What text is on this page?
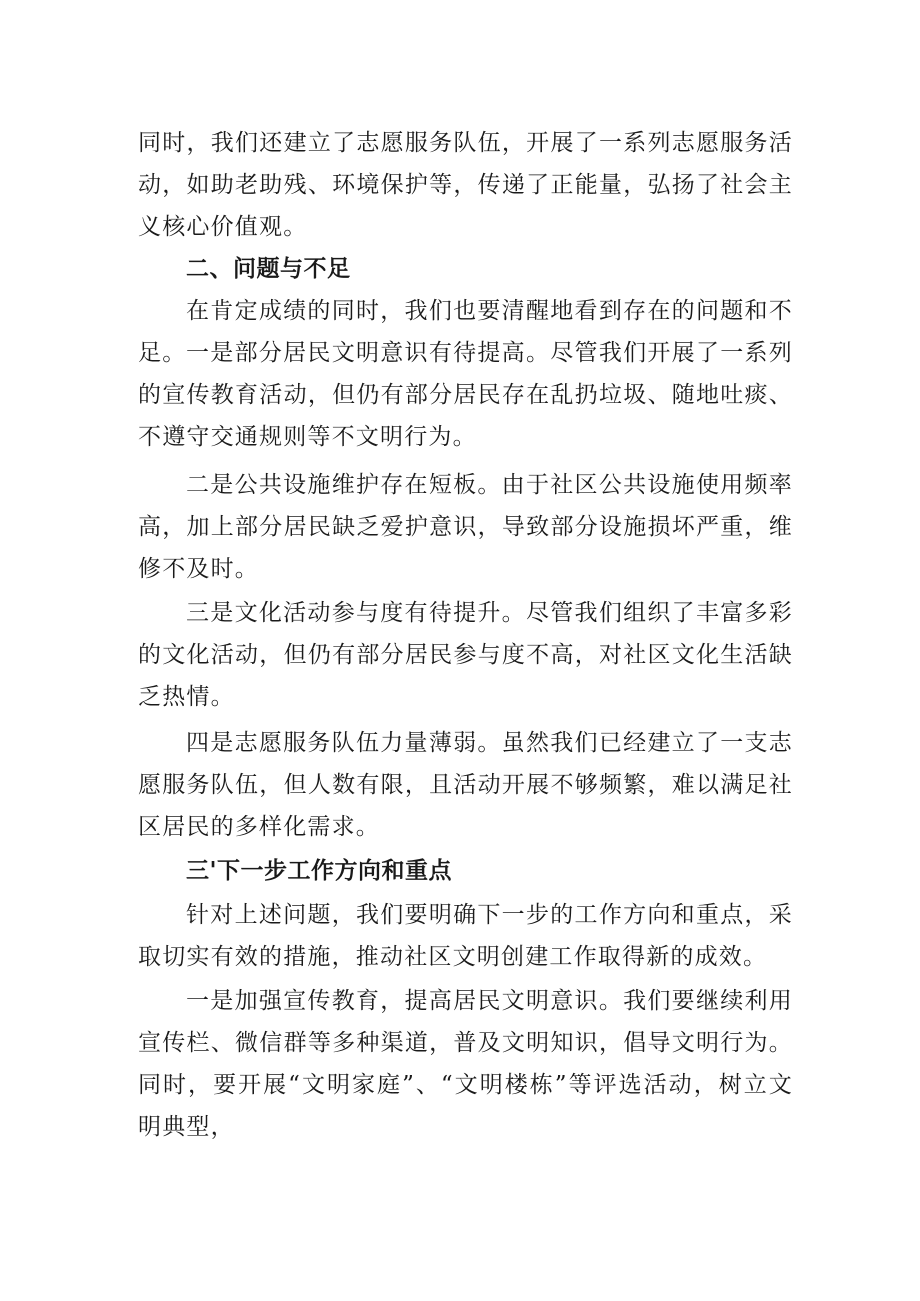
同时，我们还建立了志愿服务队伍，开展了一系列志愿服务活动，如助老助残、环境保护等，传递了正能量，弘扬了社会主义核心价值观。

二、问题与不足

在肯定成绩的同时，我们也要清醒地看到存在的问题和不足。 一是部分居民文明意识有待提高。尽管我们开展了一系列的宣传教育活动，但仍有部分居民存在乱扔垃圾、随地吐痰、不遵守交通规则等不文明行为。

二是公共设施维护存在短板。由于社区公共设施使用频率高，加上部分居民缺乏爱护意识，导致部分设施损坏严重，维修不及时。

三是文化活动参与度有待提升。尽管我们组织了丰富多彩的文化活动，但仍有部分居民参与度不高，对社区文化生活缺乏热情。

四是志愿服务队伍力量薄弱。虽然我们已经建立了一支志愿服务队伍，但人数有限，且活动开展不够频繁，难以满足社区居民的多样化需求。

三'下一步工作方向和重点

针对上述问题，我们要明确下一步的工作方向和重点，采取切实有效的措施，推动社区文明创建工作取得新的成效。

一是加强宣传教育，提高居民文明意识。我们要继续利用宣传栏、微信群等多种渠道，普及文明知识，倡导文明行为。同时，要开展“文明家庭”、“文明楼栋”等评选活动，树立文明典型，
